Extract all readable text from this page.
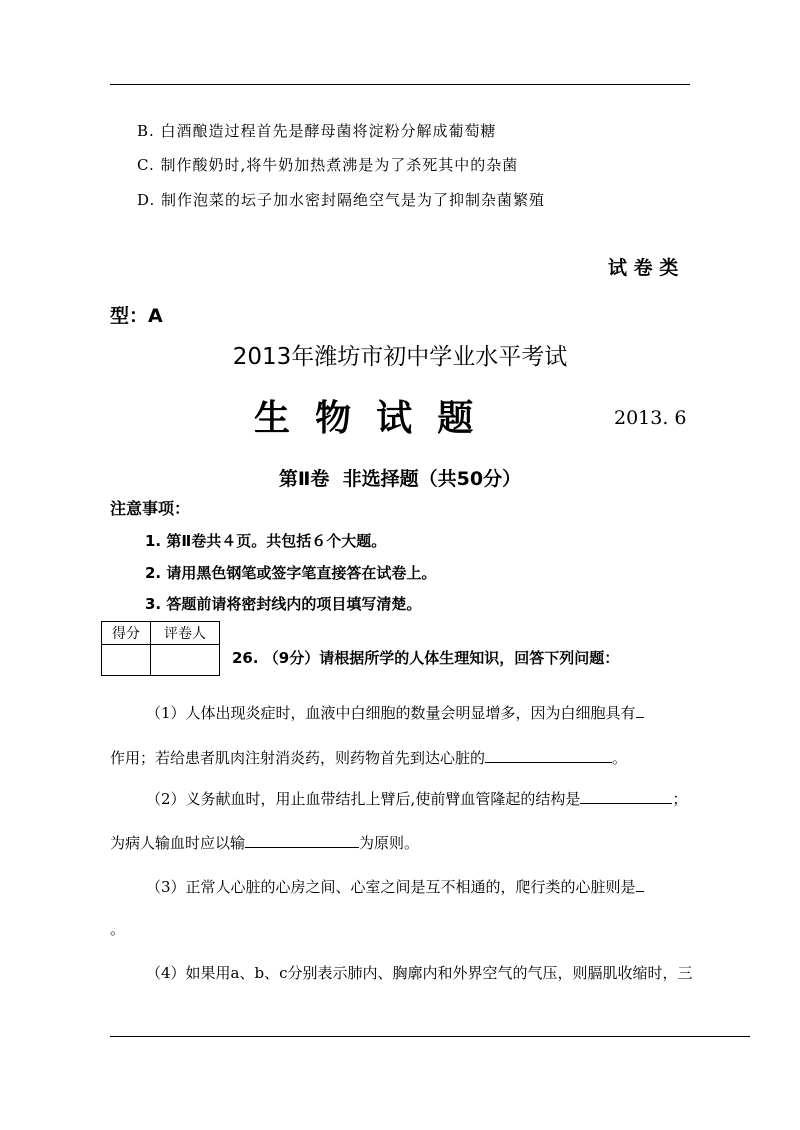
B. 白酒酿造过程首先是酵母菌将淀粉分解成葡萄糖
C. 制作酸奶时,将牛奶加热煮沸是为了杀死其中的杂菌
D. 制作泡菜的坛子加水密封隔绝空气是为了抑制杂菌繁殖
试 卷 类
型：A
2013年潍坊市初中学业水平考试
生  物  试  题	2013. 6
第Ⅱ卷  非选择题（共50分）
注意事项：
1. 第Ⅱ卷共４页。共包括６个大题。
2. 请用黑色钢笔或签字笔直接答在试卷上。
3. 答题前请将密封线内的项目填写清楚。
得分	评卷人

26. （9分）请根据所学的人体生理知识，回答下列问题：
（1）人体出现炎症时，血液中白细胞的数量会明显增多，因为白细胞具有
作用；若给患者肌肉注射消炎药，则药物首先到达心脏的	。
（2）义务献血时，用止血带结扎上臂后,使前臂血管隆起的结构是	；
为病人输血时应以输	为原则。
（3）正常人心脏的心房之间、心室之间是互不相通的，爬行类的心脏则是
。
（4）如果用a、b、c分别表示肺内、胸廓内和外界空气的气压，则膈肌收缩时，三
